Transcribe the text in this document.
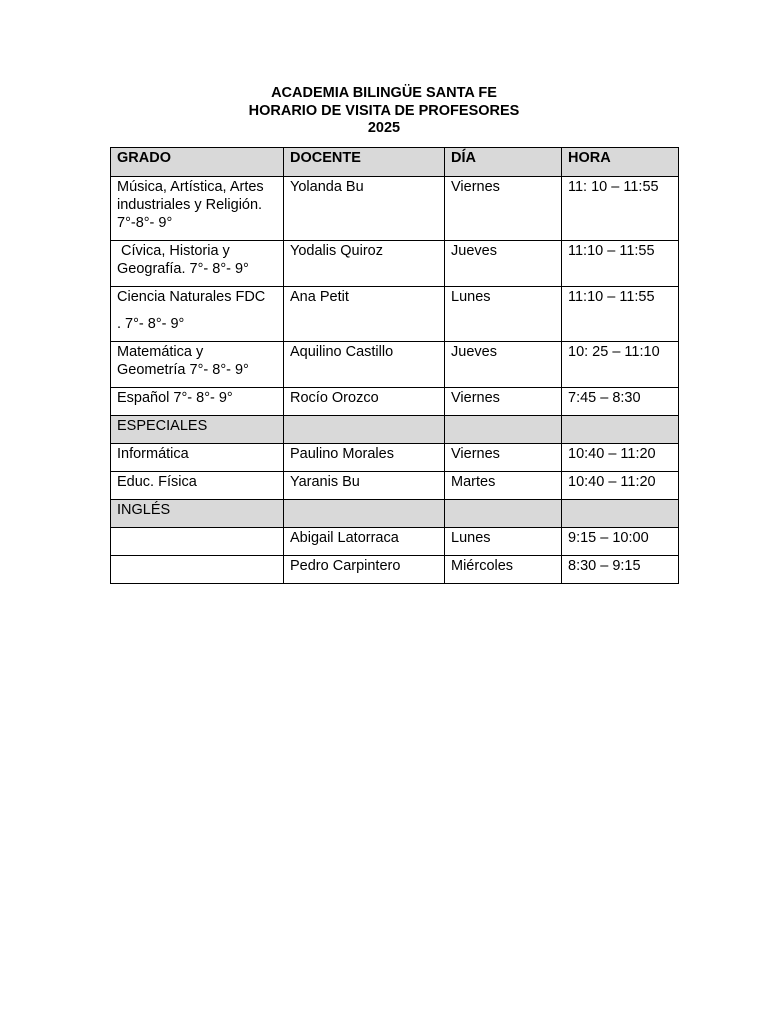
ACADEMIA BILINGÜE SANTA FE
HORARIO DE VISITA DE PROFESORES
2025
GRADO	DOCENTE	DÍA	HORA

Música, Artística, Artes
industriales y Religión.
7°-8°- 9°	Yolanda Bu	Viernes	11: 10 – 11:55

Cívica, Historia y
Geografía. 7°- 8°- 9°	Yodalis Quiroz	Jueves	11:10 – 11:55

Ciencia Naturales FDC
. 7°- 8°- 9°	Ana Petit	Lunes	11:10 – 11:55

Matemática y
Geometría 7°- 8°- 9°	Aquilino Castillo	Jueves	10: 25 – 11:10
Español 7°- 8°- 9°	Rocío Orozco	Viernes	7:45 – 8:30
ESPECIALES			
Informática	Paulino Morales	Viernes	10:40 – 11:20
Educ. Física	Yaranis Bu	Martes	10:40 – 11:20
INGLÉS			
	Abigail Latorraca	Lunes	9:15 – 10:00
	Pedro Carpintero	Miércoles	8:30 – 9:15
